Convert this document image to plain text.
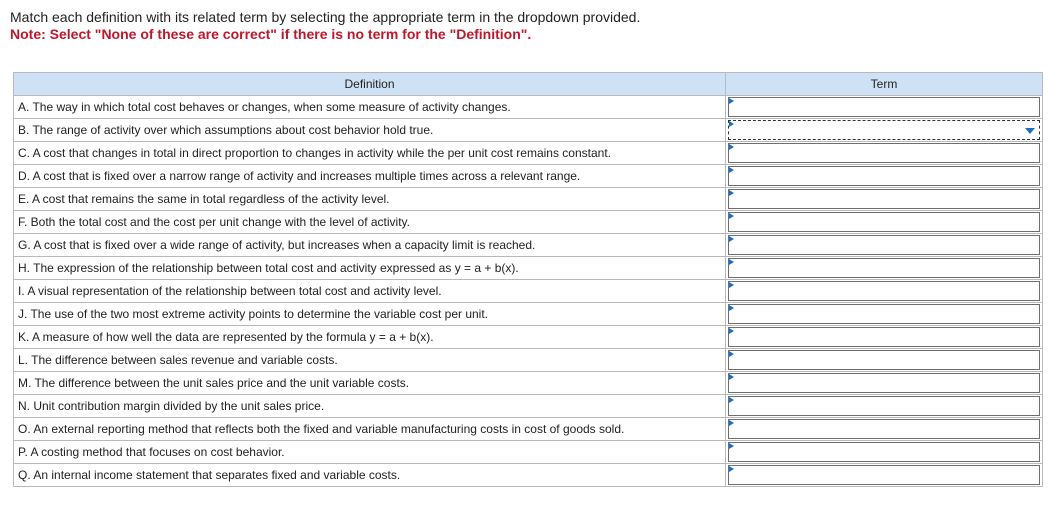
Match each definition with its related term by selecting the appropriate term in the dropdown provided.
Note: Select "None of these are correct" if there is no term for the "Definition".
Definition	Term
A. The way in which total cost behaves or changes, when some measure of activity changes.	

B. The range of activity over which assumptions about cost behavior hold true.	

C. A cost that changes in total in direct proportion to changes in activity while the per unit cost remains constant.	

D. A cost that is fixed over a narrow range of activity and increases multiple times across a relevant range.	

E. A cost that remains the same in total regardless of the activity level.	

F. Both the total cost and the cost per unit change with the level of activity.	

G. A cost that is fixed over a wide range of activity, but increases when a capacity limit is reached.	

H. The expression of the relationship between total cost and activity expressed as y = a + b(x).	

I. A visual representation of the relationship between total cost and activity level.	

J. The use of the two most extreme activity points to determine the variable cost per unit.	

K. A measure of how well the data are represented by the formula y = a + b(x).	

L. The difference between sales revenue and variable costs.	

M. The difference between the unit sales price and the unit variable costs.	

N. Unit contribution margin divided by the unit sales price.	

O. An external reporting method that reflects both the fixed and variable manufacturing costs in cost of goods sold.	

P. A costing method that focuses on cost behavior.	

Q. An internal income statement that separates fixed and variable costs.	
